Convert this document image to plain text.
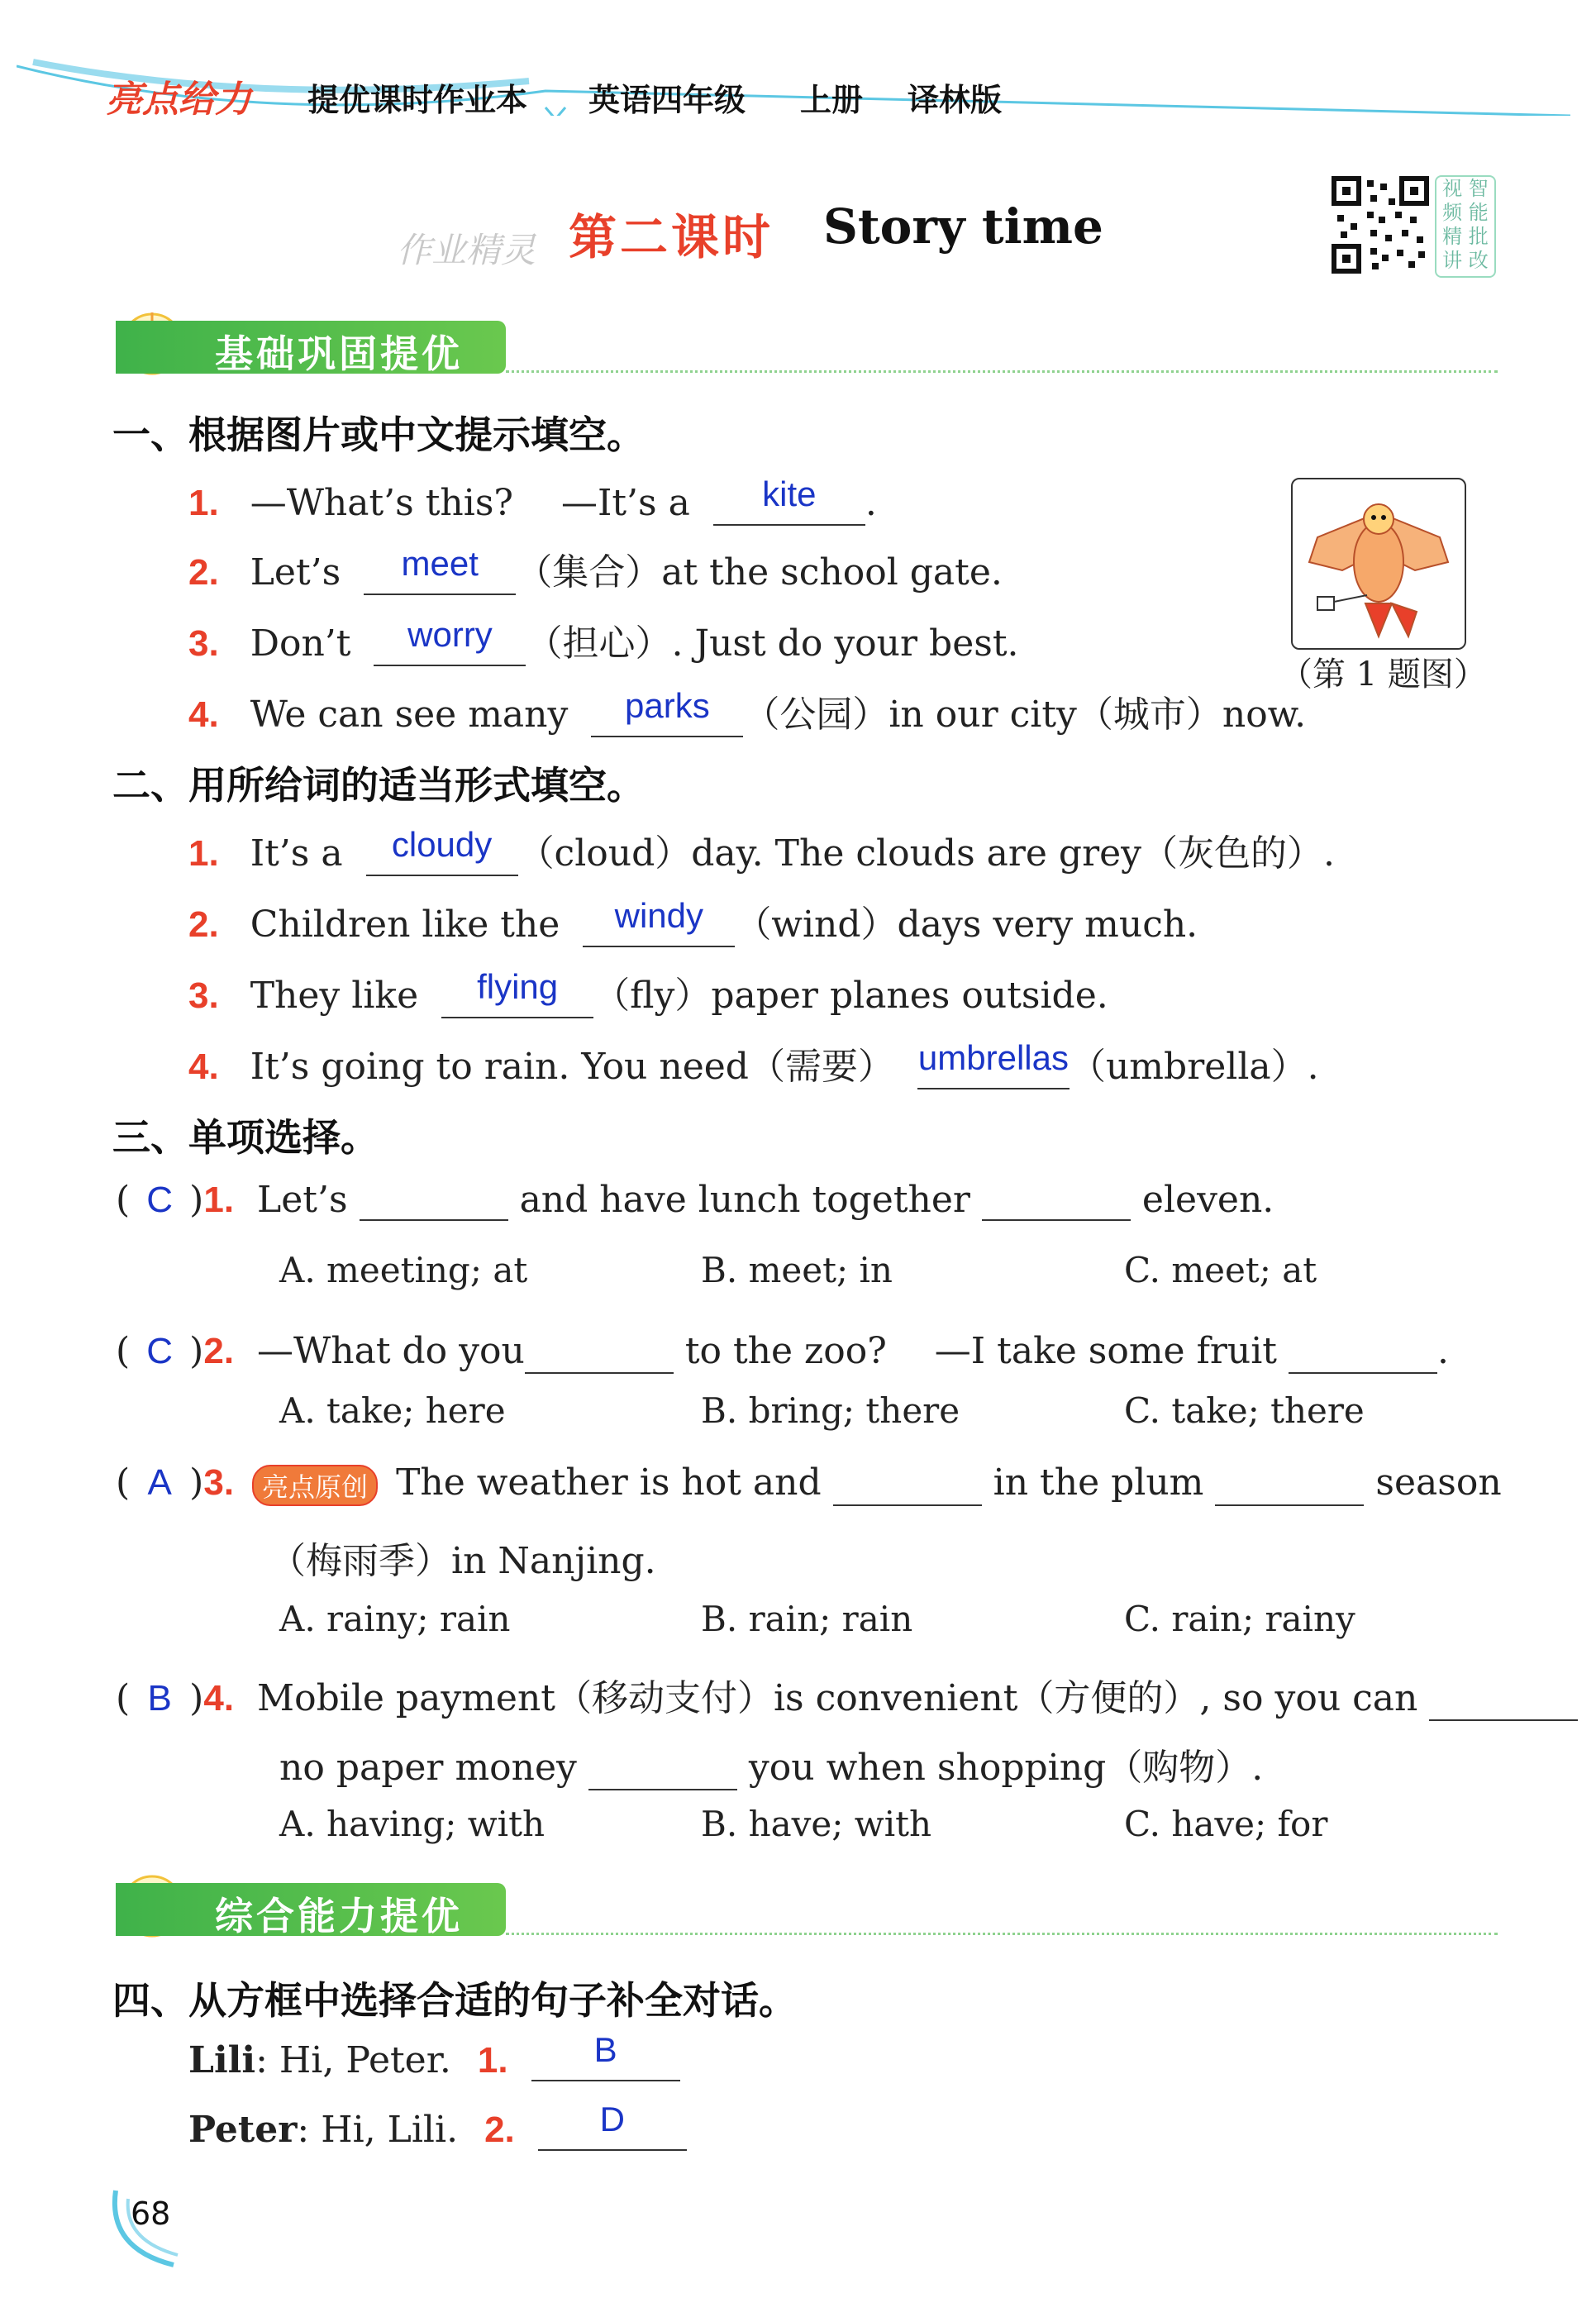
亮点给力 提优课时作业本 英语四年级 上册 译林版
作业精灵 第二课时 Story time
视 智
频 能
精 批
讲 改
基础巩固提优
一、根据图片或中文提示填空。
1. —What’s this?　 —It’s a	kite	.
2. Let’s	meet	（集合）at the school gate.
3. Don’t	worry （担心）. Just do your best.
4. We can see many	parks （公园）in our city（城市）now.
（第 1 题图）
二、用所给词的适当形式填空。
1. It’s a	cloudy （cloud）day. The clouds are grey（灰色的）.
2. Children like the	windy （wind）days very much.
3. They like	flying （fly）paper planes outside.
4. It’s going to rain. You need（需要） umbrellas （umbrella）.
三、单项选择。
( C )1. Let’s	and have lunch together	eleven.
A. meeting; at	B. meet; in	C. meet; at
( C )2. —What do you	to the zoo?　 —I take some fruit	.
A. take; here	B. bring; there	C. take; there
( A )3. 亮点原创 The weather is hot and	in the plum	season
（梅雨季）in Nanjing.
A. rainy; rain	B. rain; rain	C. rain; rainy
( B )4. Mobile payment（移动支付）is convenient（方便的）, so you can
no paper money	you when shopping（购物）.
A. having; with	B. have; with	C. have; for
综合能力提优
四、从方框中选择合适的句子补全对话。
Lili: Hi, Peter. 1.	B
Peter: Hi, Lili. 2.	D
68
